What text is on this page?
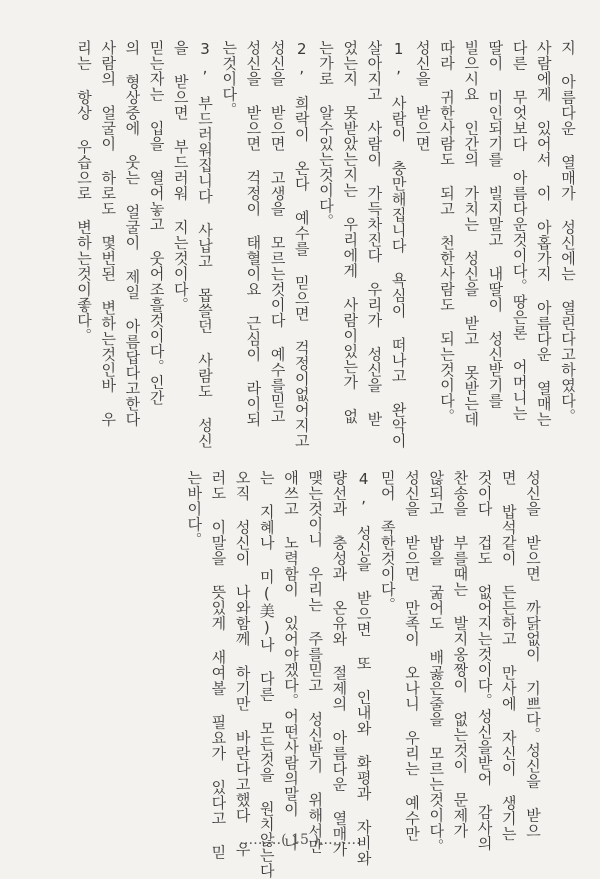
지 아름다운 열매가 성신에는 열린다고하였다。
사람에게 있어서 이 아홉가지 아름다운 열매는
다른 무엇보다 아름다운것이다。땅은론 어머니는
딸이 미인되기를 빌지말고 내딸이 성신받기를
빌으시요 인간의 가치는 성신을 받고 못받는데
따라 귀한사람도 되고 천한사람도 되는것이다。
성신을 받으면
1, 사람이 충만해집니다 욕심이 떠나고 완악이
살아지고 사람이 가득차진다 우리가 성신을 받
었는지 못받았는지는 우리에게 사람이있는가 없
는가로 알수있는것이다。
2, 희락이 온다 예수를 믿으면 걱정이없어지고
성신을 받으면 고생을 모르는것이다 예수를믿고
성신을 받으면 걱정이 태혈이요 근심이 라이되
는것이다。
3, 부드러워집니다 사납고 몹쓸던 사람도 성신
을 받으면 부드러워 지는것이다。
믿는자는 입을 열어놓고 웃어조흘것이다。인간
의 형상중에 웃는 얼굴이 제일 아름답다고한다
사람의 얼굴이 하로도 몇번된 변하는것인바 우
리는 항상 우습으로 변하는것이좋다。
성신을 받으면 까닭없이 기쁘다。성신을 받으
면 밥석같이 든든하고 만사에 자신이 생기는
것이다 겁도 없어지는것이다。성신을받어 감사의
찬송을 부를때는 발지옹짱이 없는것이 문제가
않되고 밥을 굶어도 배곯은줄을 모르는것이다。
성신을 받으면 만족이 오나니 우리는 예수만
믿어 족한것이다。
4, 성신을 받으면 또 인내와 화평과 자비와
량선과 충성과 온유와 절제의 아름다운 열매가
맺는것이니 우리는 주를믿고 성신받기 위해서만
애쓰고 노력함이 있어야겠다。어떤사람의말이 나
는 지혜나 미(美)나 다른 모든것을 원치않는다
오직 성신이 나와함께 하기만 바란다고했다 우
러도 이말을 뜻있게 새여볼 필요가 있다고 믿
는바이다。
………( 15 )………
